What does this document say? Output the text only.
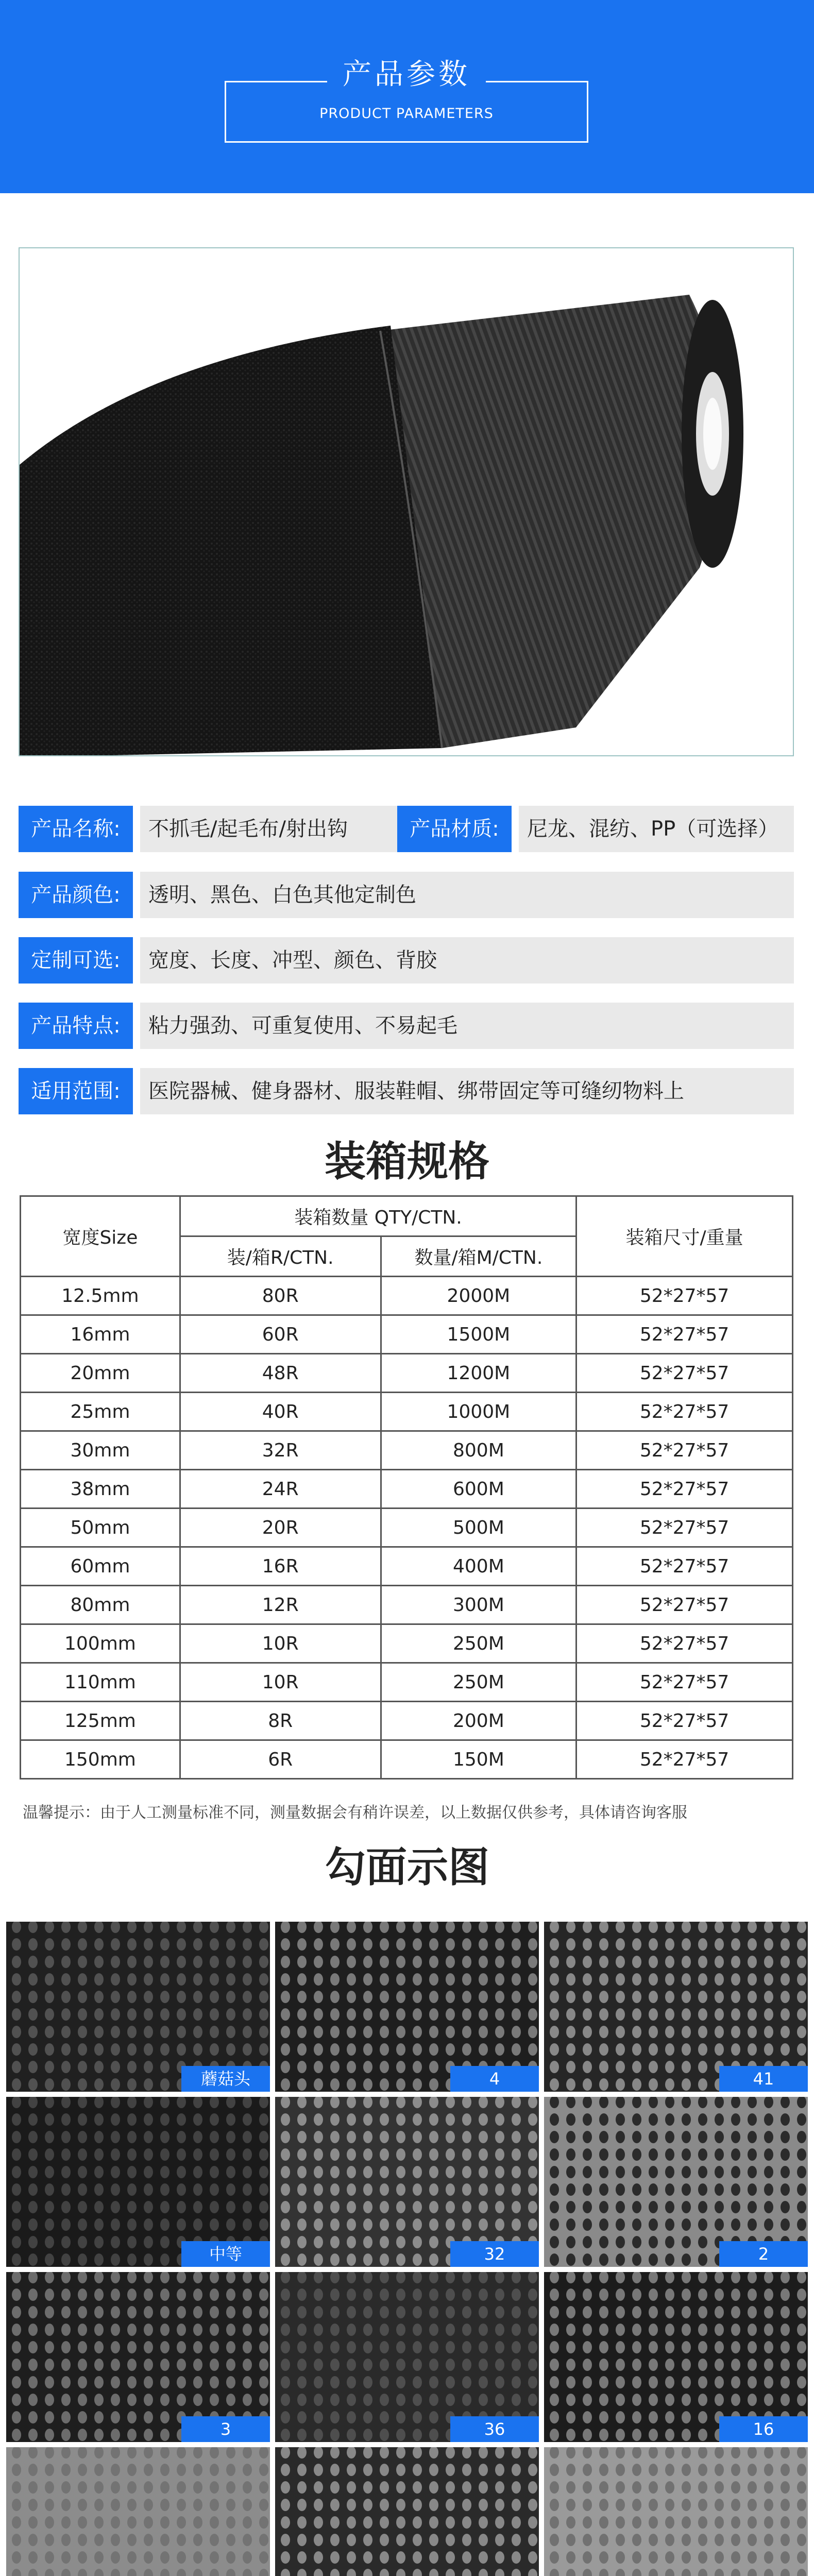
产品参数
PRODUCT PARAMETERS
产品名称:	不抓毛/起毛布/射出钩	产品材质:	尼龙、混纺、PP（可选择）
产品颜色:	透明、黑色、白色其他定制色
定制可选:	宽度、长度、冲型、颜色、背胶
产品特点:	粘力强劲、可重复使用、不易起毛
适用范围:	医院器械、健身器材、服装鞋帽、绑带固定等可缝纫物料上
装箱规格
宽度Size	装箱数量 QTY/CTN.		装箱尺寸/重量
	装/箱R/CTN.	数量/箱M/CTN.	
12.5mm	80R	2000M	52*27*57
16mm	60R	1500M	52*27*57
20mm	48R	1200M	52*27*57
25mm	40R	1000M	52*27*57
30mm	32R	800M	52*27*57
38mm	24R	600M	52*27*57
50mm	20R	500M	52*27*57
60mm	16R	400M	52*27*57
80mm	12R	300M	52*27*57
100mm	10R	250M	52*27*57
110mm	10R	250M	52*27*57
125mm	8R	200M	52*27*57
150mm	6R	150M	52*27*57
温馨提示：由于人工测量标准不同，测量数据会有稍许误差，以上数据仅供参考，具体请咨询客服
勾面示图
蘑菇头	4	41
中等	32	2
3	36	16
